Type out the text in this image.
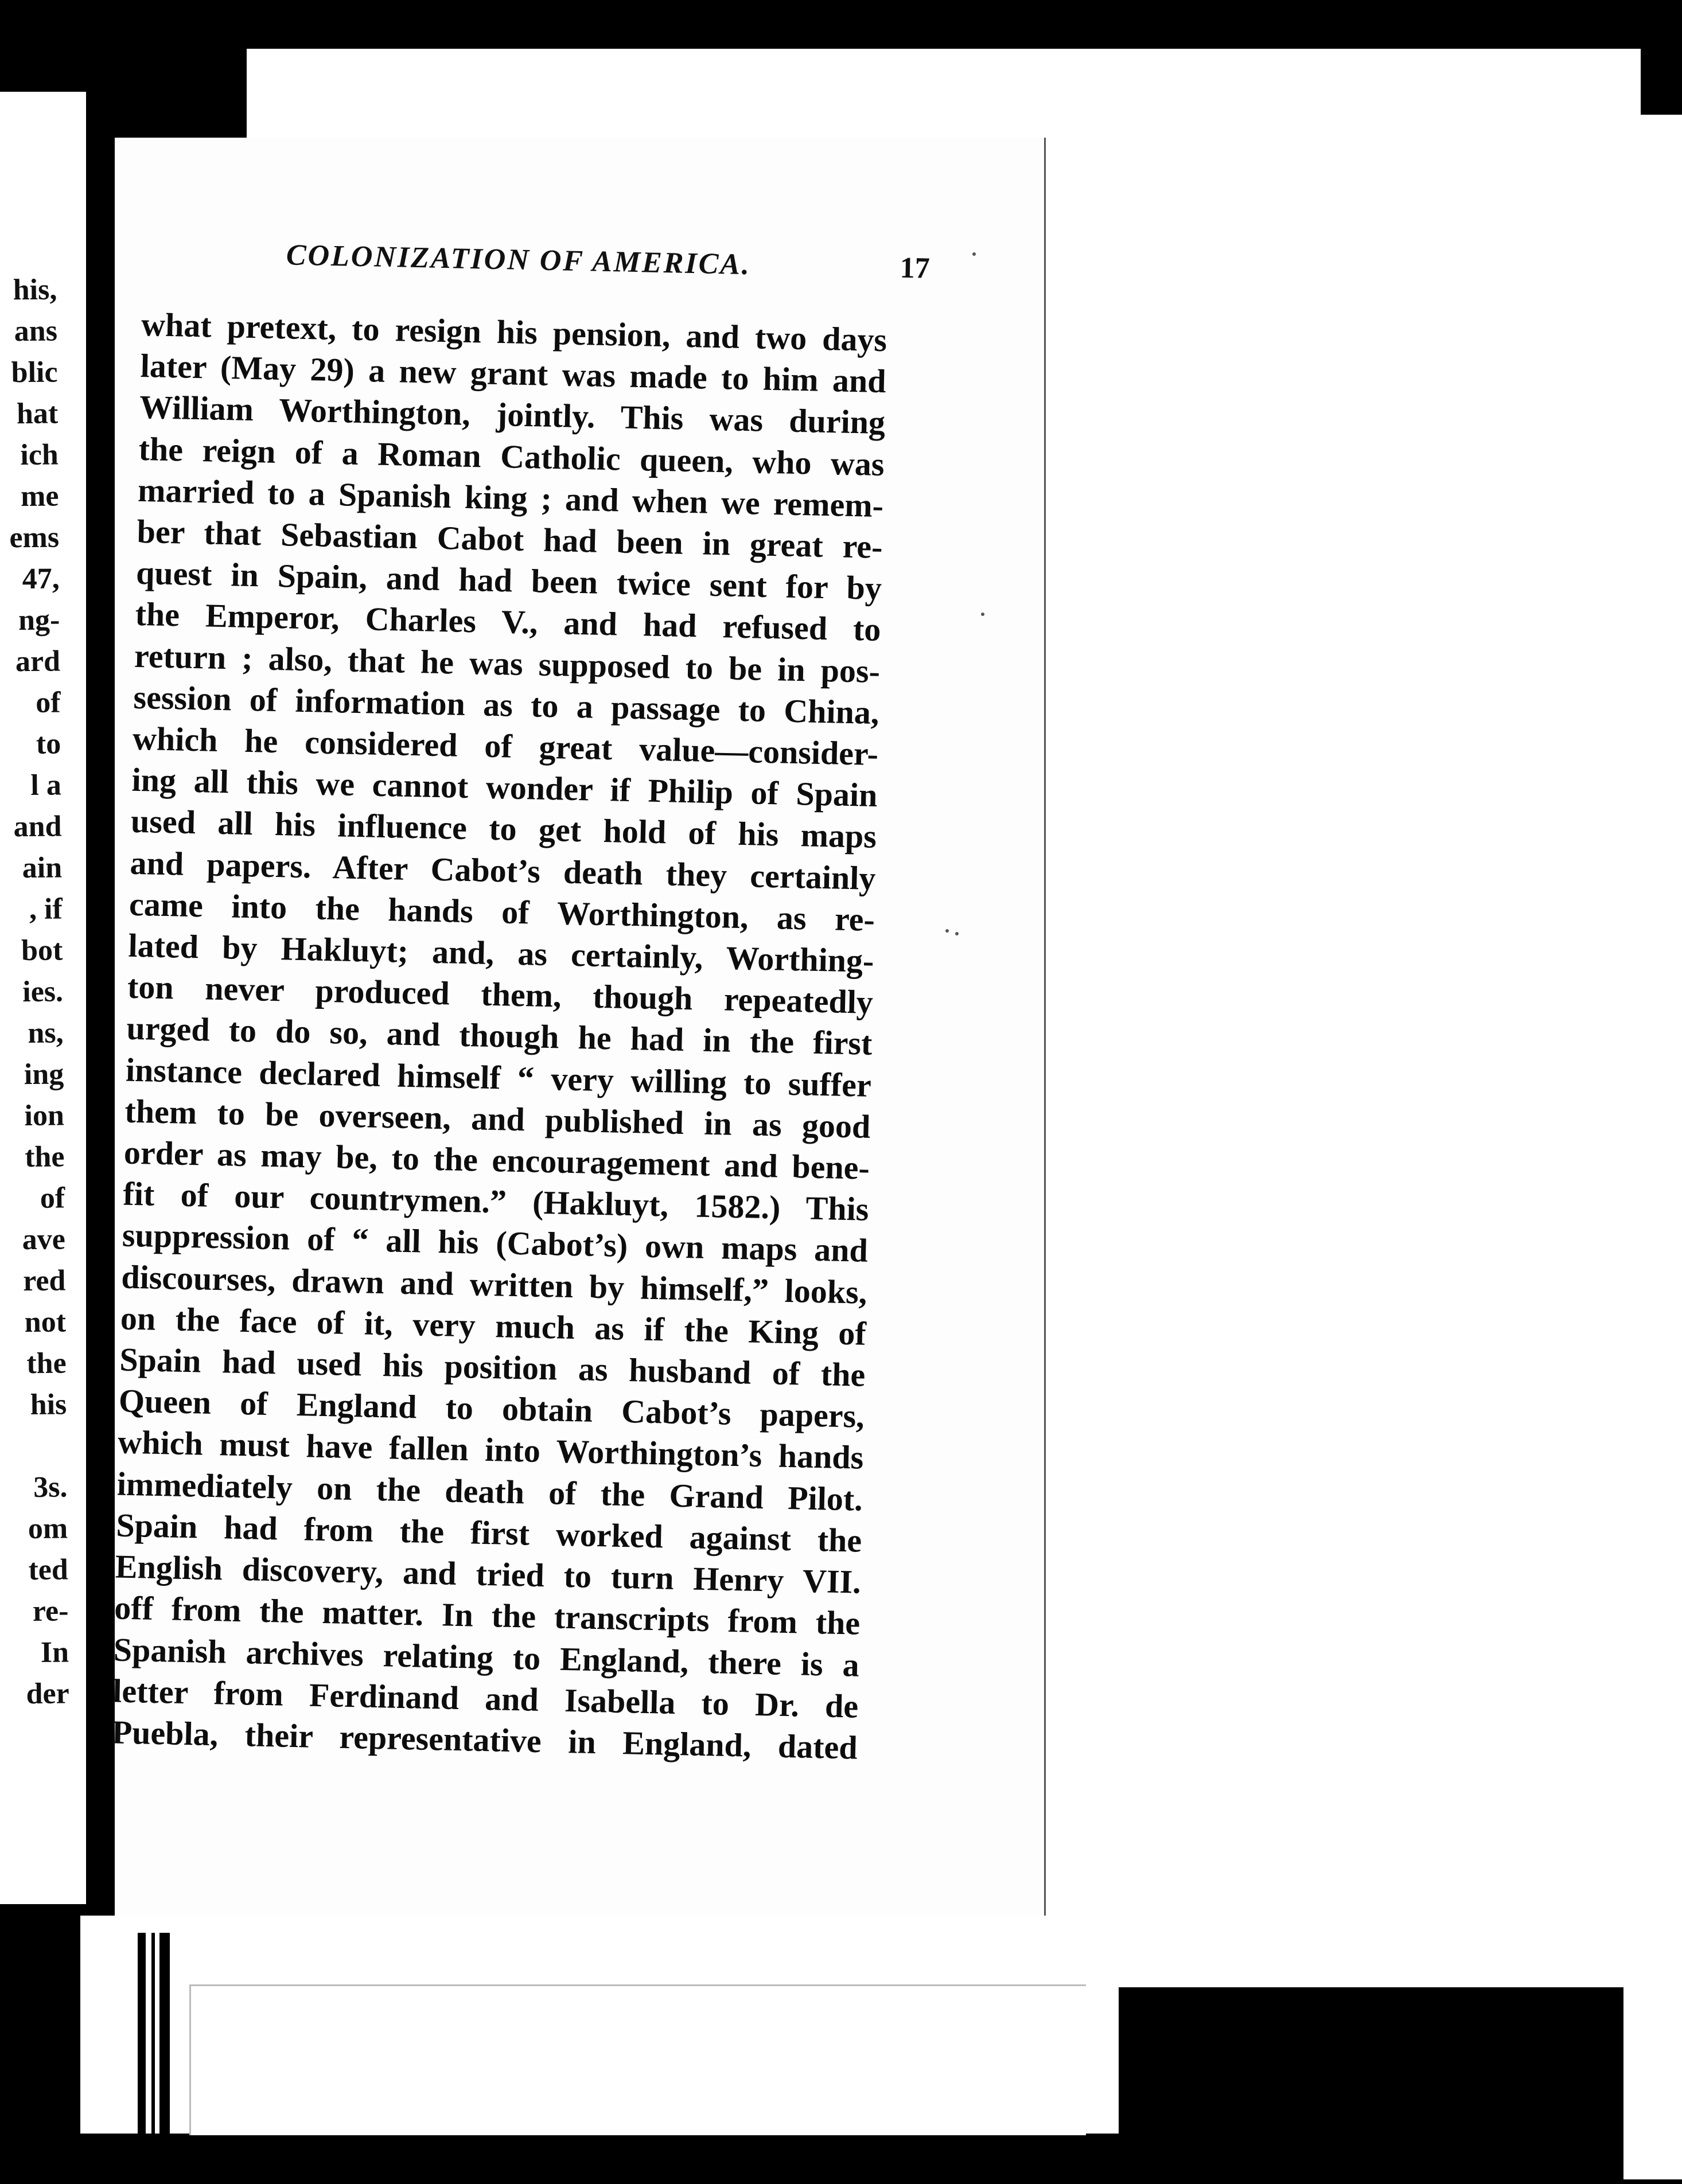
his,
ans
blic
hat
ich
me
ems
47,
ng-
ard
of
to
l a
and
ain
, if
bot
ies.
ns,
ing
ion
the
of
ave
red
not
the
his

3s.
om
ted
re-
In
der
COLONIZATION OF AMERICA.	17
what pretext, to resign his pension, and two days
later (May 29) a new grant was made to him and
William Worthington, jointly. This was during
the reign of a Roman Catholic queen, who was
married to a Spanish king ; and when we remem-
ber that Sebastian Cabot had been in great re-
quest in Spain, and had been twice sent for by
the Emperor, Charles V., and had refused to
return ; also, that he was supposed to be in pos-
session of information as to a passage to China,
which he considered of great value—consider-
ing all this we cannot wonder if Philip of Spain
used all his influence to get hold of his maps
and papers. After Cabot’s death they certainly
came into the hands of Worthington, as re-
lated by Hakluyt; and, as certainly, Worthing-
ton never produced them, though repeatedly
urged to do so, and though he had in the first
instance declared himself “ very willing to suffer
them to be overseen, and published in as good
order as may be, to the encouragement and bene-
fit of our countrymen.” (Hakluyt, 1582.) This
suppression of “ all his (Cabot’s) own maps and
discourses, drawn and written by himself,” looks,
on the face of it, very much as if the King of
Spain had used his position as husband of the
Queen of England to obtain Cabot’s papers,
which must have fallen into Worthington’s hands
immediately on the death of the Grand Pilot.
Spain had from the first worked against the
English discovery, and tried to turn Henry VII.
off from the matter. In the transcripts from the
Spanish archives relating to England, there is a
letter from Ferdinand and Isabella to Dr. de
Puebla, their representative in England, dated
